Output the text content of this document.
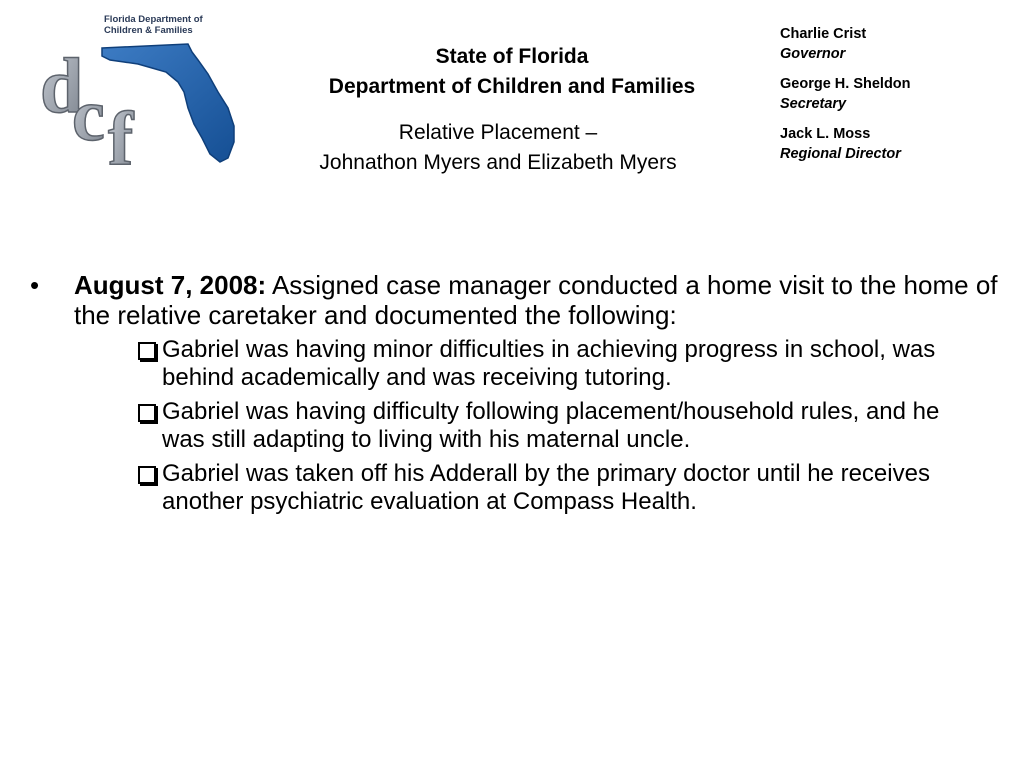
d
c f
Florida Department of
Children & Families
State of Florida
Department of Children and Families
Relative Placement –
Johnathon Myers and Elizabeth Myers
Charlie Crist
Governor
George H. Sheldon
Secretary
Jack L. Moss
Regional Director
•	August 7, 2008: Assigned case manager conducted a home visit to the home of the relative caretaker and documented the following:
Gabriel was having minor difficulties in achieving progress in school, was behind academically and was receiving tutoring.
Gabriel was having difficulty following placement/household rules, and he was still adapting to living with his maternal uncle.
Gabriel was taken off his Adderall by the primary doctor until he receives another psychiatric evaluation at Compass Health.
